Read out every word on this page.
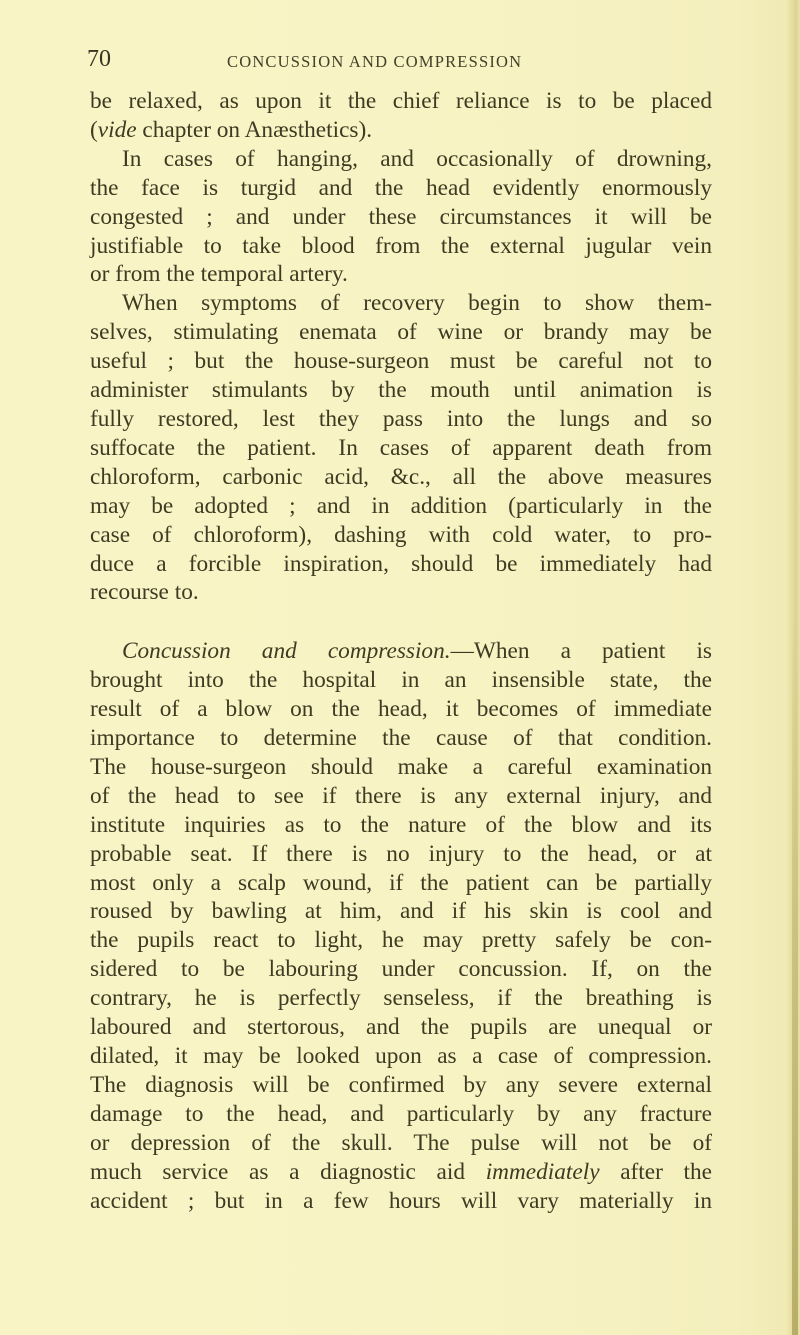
70	CONCUSSION AND COMPRESSION

be relaxed, as upon it the chief reliance is to be placed
(vide chapter on Anæsthetics).

In cases of hanging, and occasionally of drowning,
the face is turgid and the head evidently enormously
congested ; and under these circumstances it will be
justifiable to take blood from the external jugular vein
or from the temporal artery.

When symptoms of recovery begin to show them-
selves, stimulating enemata of wine or brandy may be
useful ; but the house-surgeon must be careful not to
administer stimulants by the mouth until animation is
fully restored, lest they pass into the lungs and so
suffocate the patient. In cases of apparent death from
chloroform, carbonic acid, &c., all the above measures
may be adopted ; and in addition (particularly in the
case of chloroform), dashing with cold water, to pro-
duce a forcible inspiration, should be immediately had
recourse to.

Concussion and compression.—When a patient is
brought into the hospital in an insensible state, the
result of a blow on the head, it becomes of immediate
importance to determine the cause of that condition.
The house-surgeon should make a careful examination
of the head to see if there is any external injury, and
institute inquiries as to the nature of the blow and its
probable seat. If there is no injury to the head, or at
most only a scalp wound, if the patient can be partially
roused by bawling at him, and if his skin is cool and
the pupils react to light, he may pretty safely be con-
sidered to be labouring under concussion. If, on the
contrary, he is perfectly senseless, if the breathing is
laboured and stertorous, and the pupils are unequal or
dilated, it may be looked upon as a case of compression.
The diagnosis will be confirmed by any severe external
damage to the head, and particularly by any fracture
or depression of the skull. The pulse will not be of
much service as a diagnostic aid immediately after the
accident ; but in a few hours will vary materially in
